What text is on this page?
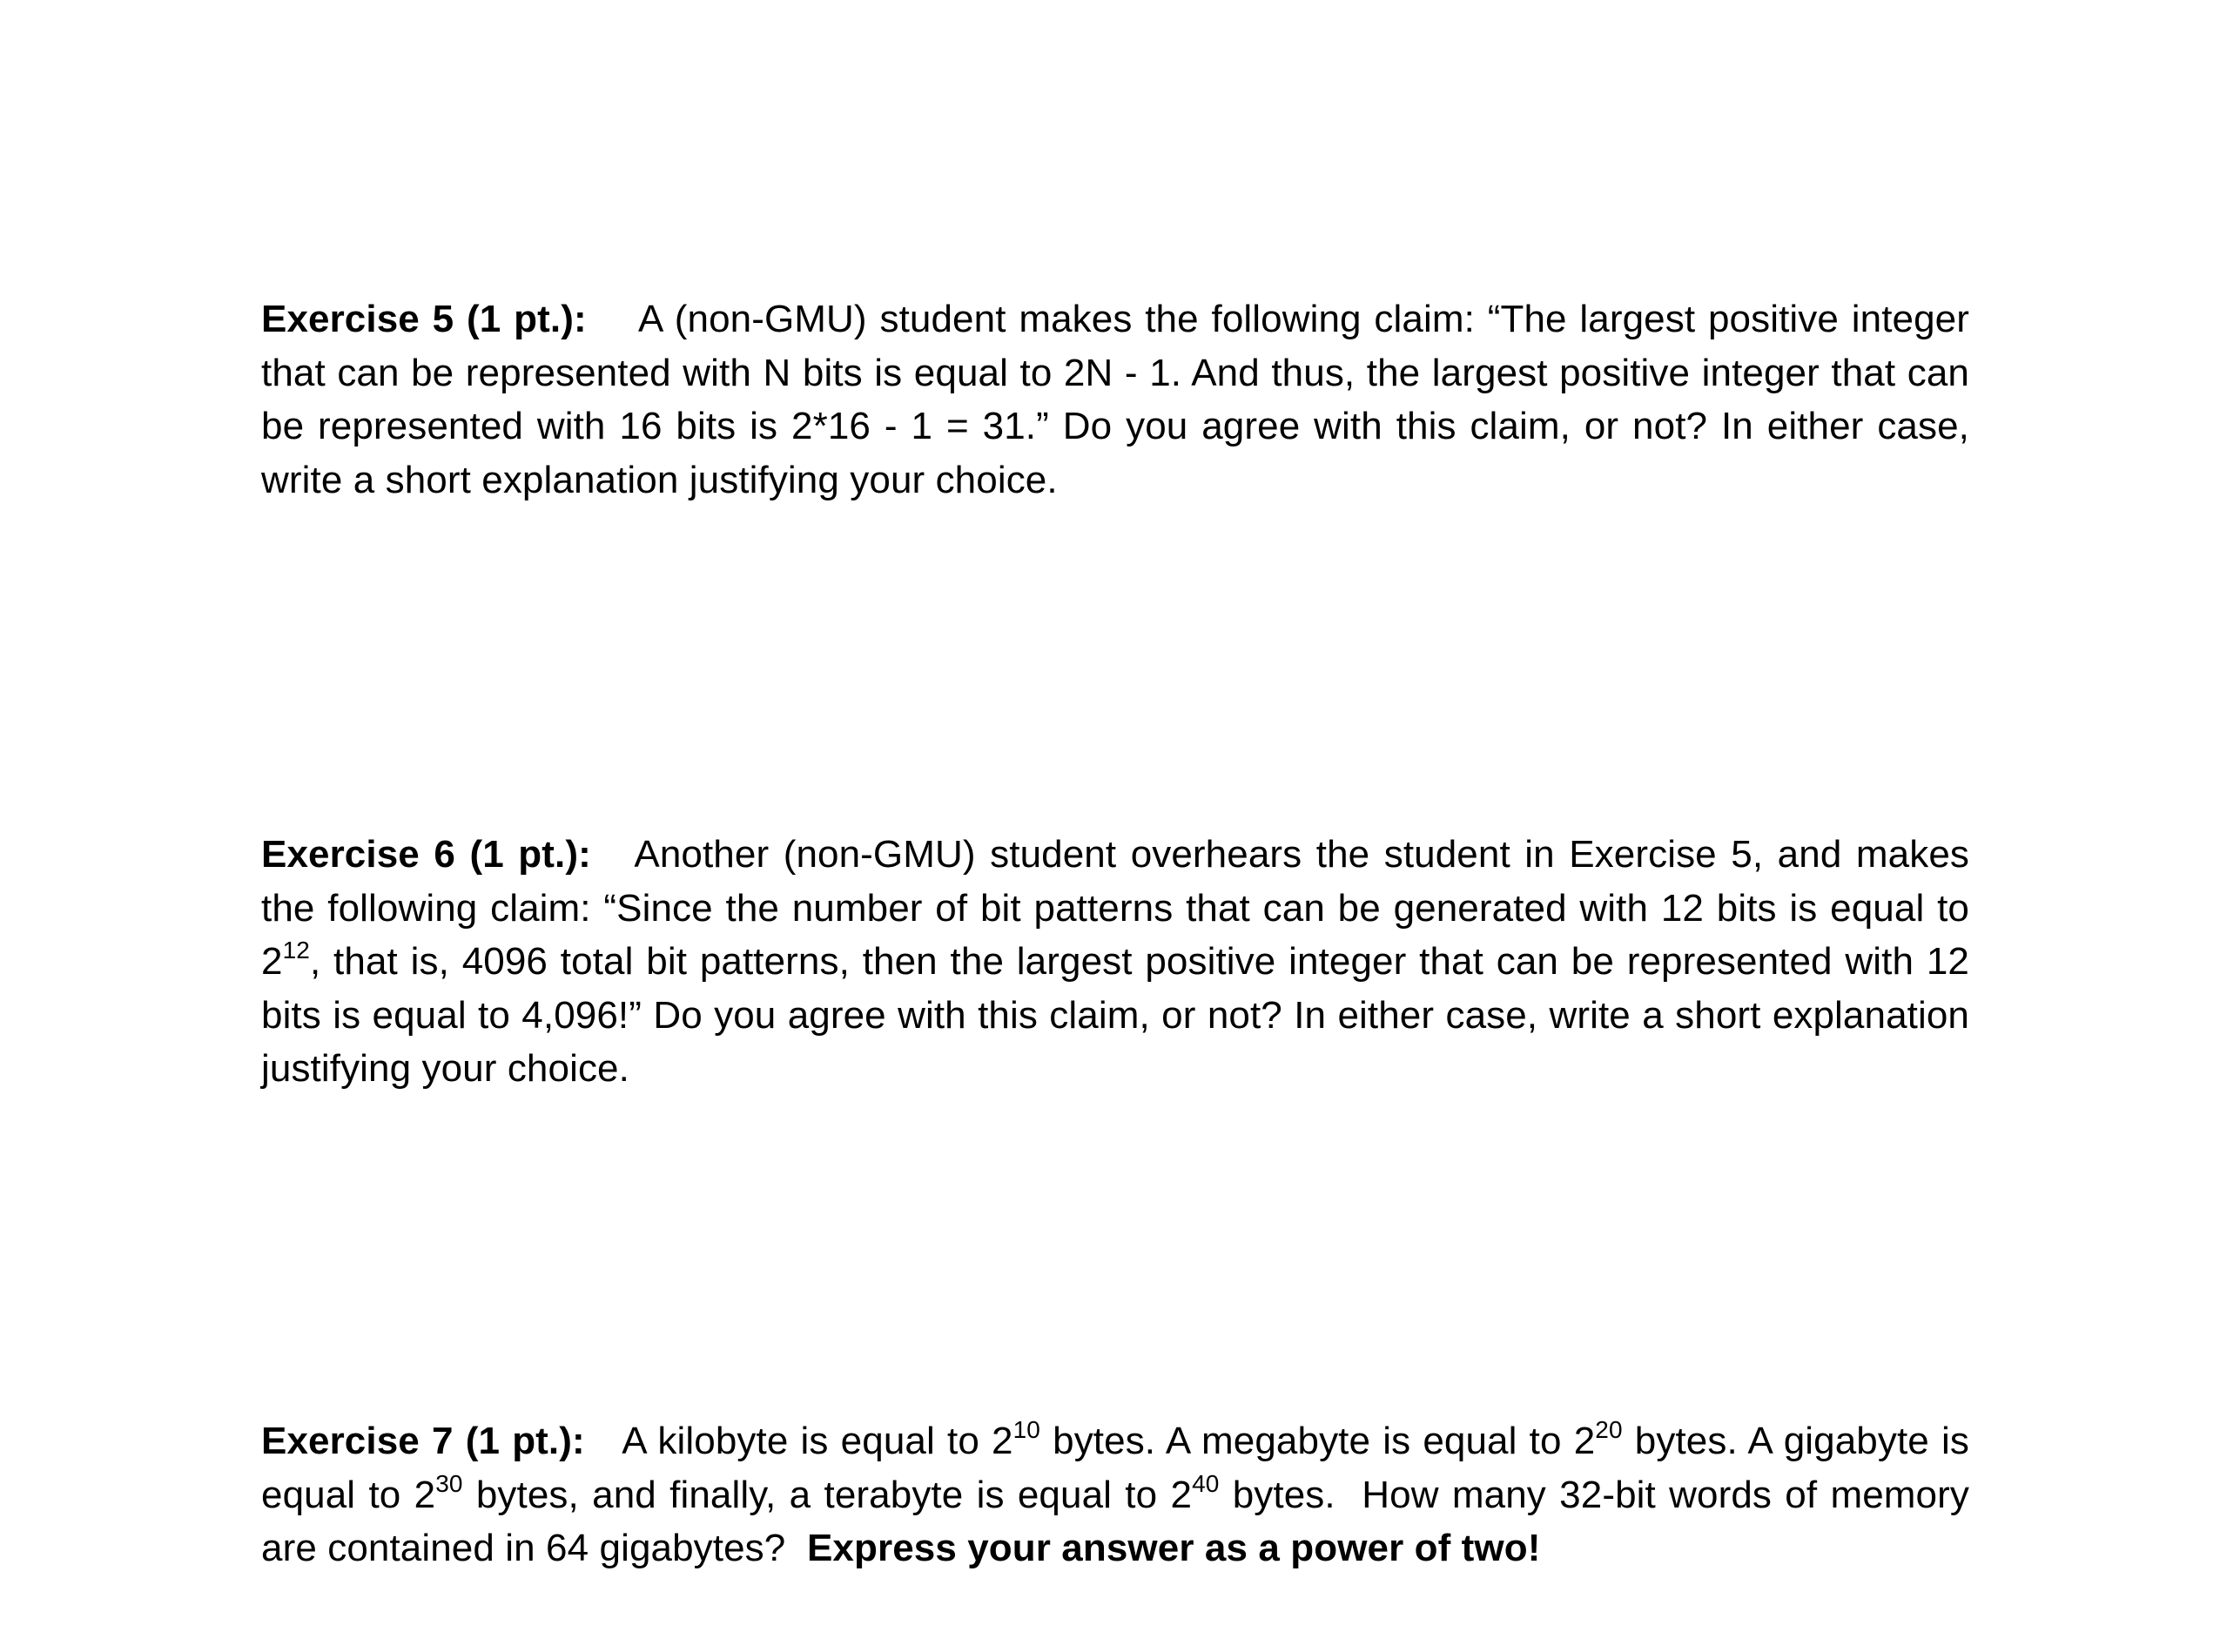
Exercise 5 (1 pt.): A (non-GMU) student makes the following claim: “The largest positive integer that can be represented with N bits is equal to 2N - 1. And thus, the largest positive integer that can be represented with 16 bits is 2*16 - 1 = 31.” Do you agree with this claim, or not? In either case, write a short explanation justifying your choice.

Exercise 6 (1 pt.): Another (non-GMU) student overhears the student in Exercise 5, and makes the following claim: “Since the number of bit patterns that can be generated with 12 bits is equal to $2^{12}$, that is, 4096 total bit patterns, then the largest positive integer that can be represented with 12 bits is equal to 4,096!” Do you agree with this claim, or not? In either case, write a short explanation justifying your choice.

Exercise 7 (1 pt.): A kilobyte is equal to $2^{10}$ bytes. A megabyte is equal to $2^{20}$ bytes. A gigabyte is equal to $2^{30}$ bytes, and finally, a terabyte is equal to $2^{40}$ bytes.  How many 32-bit words of memory are contained in 64 gigabytes?  Express your answer as a power of two!
